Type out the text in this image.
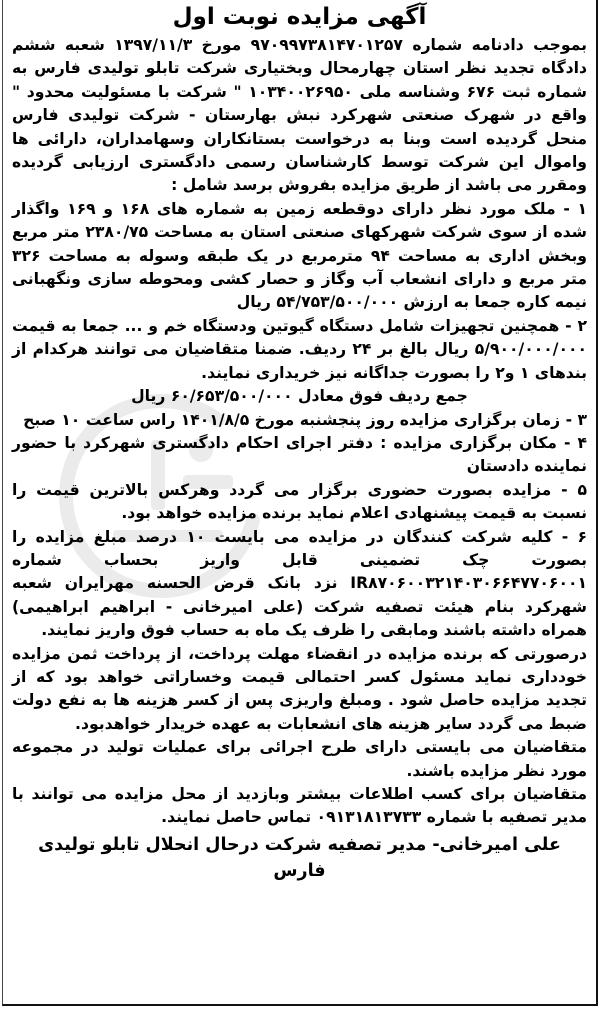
آگهی مزایده نوبت اول

بموجب دادنامه شماره ۹۷۰۹۹۷۳۸۱۴۷۰۱۲۵۷ مورخ ۱۳۹۷/۱۱/۳ شعبه ششم دادگاه تجدید نظر استان چهارمحال وبختیاری شرکت تابلو تولیدی فارس به شماره ثبت ۶۷۶ وشناسه ملی ۱۰۳۴۰۰۲۶۹۵۰ " شرکت با مسئولیت محدود " واقع در شهرک صنعتی شهرکرد نبش بهارستان - شرکت تولیدی فارس منحل گردیده است وبنا به درخواست بستانکاران وسهامداران، دارائی ها واموال این شرکت توسط کارشناسان رسمی دادگستری ارزیابی گردیده ومقرر می باشد از طریق مزایده بفروش برسد شامل :

۱ - ملک مورد نظر دارای دوقطعه زمین به شماره های ۱۶۸ و ۱۶۹ واگذار شده از سوی شرکت شهرکهای صنعتی استان به مساحت ۲۳۸۰/۷۵ متر مربع وبخش اداری به مساحت ۹۴ مترمربع در یک طبقه وسوله به مساحت ۳۲۶ متر مربع و دارای انشعاب آب وگاز و حصار کشی ومحوطه سازی ونگهبانی نیمه کاره جمعا به ارزش ۵۴/۷۵۳/۵۰۰/۰۰۰ ریال

۲ - همچنین تجهیزات شامل دستگاه گیوتین ودستگاه خم و ... جمعا به قیمت ۵/۹۰۰/۰۰۰/۰۰۰ ریال بالغ بر ۲۴ ردیف. ضمنا متقاضیان می توانند هرکدام از بندهای ۱ و۲ را بصورت جداگانه نیز خریداری نمایند.

جمع ردیف فوق معادل ۶۰/۶۵۳/۵۰۰/۰۰۰ ریال

۳ - زمان برگزاری مزایده روز پنجشنبه مورخ ۱۴۰۱/۸/۵ راس ساعت ۱۰ صبح

۴ - مکان برگزاری مزایده : دفتر اجرای احکام دادگستری شهرکرد با حضور نماینده دادستان

۵ - مزایده بصورت حضوری برگزار می گردد وهرکس بالاترین قیمت را نسبت به قیمت پیشنهادی اعلام نماید برنده مزایده خواهد بود.

۶ - کلیه شرکت کنندگان در مزایده می بایست ۱۰ درصد مبلغ مزایده را بصورت چک تضمینی قابل واریز بحساب شماره IR۸۷۰۶۰۰۳۲۱۴۰۳۰۶۶۴۷۷۰۶۰۰۱ نزد بانک قرض الحسنه مهرایران شعبه شهرکرد بنام هیئت تصفیه شرکت (علی امیرخانی - ابراهیم ابراهیمی) همراه داشته باشند ومابقی را ظرف یک ماه به حساب فوق واریز نمایند.

درصورتی که برنده مزایده در انقضاء مهلت پرداخت، از پرداخت ثمن مزایده خودداری نماید مسئول کسر احتمالی قیمت وخساراتی خواهد بود که از تجدید مزایده حاصل شود . ومبلغ واریزی پس از کسر هزینه ها به نفع دولت ضبط می گردد سایر هزینه های انشعابات به عهده خریدار خواهدبود.

متقاضیان می بایستی دارای طرح اجرائی برای عملیات تولید در مجموعه مورد نظر مزایده باشند.

متقاضیان برای کسب اطلاعات بیشتر وبازدید از محل مزایده می توانند با مدیر تصفیه با شماره ۰۹۱۳۱۸۱۳۷۳۳ تماس حاصل نمایند.

علی امیرخانی- مدیر تصفیه شرکت درحال انحلال تابلو تولیدی فارس
